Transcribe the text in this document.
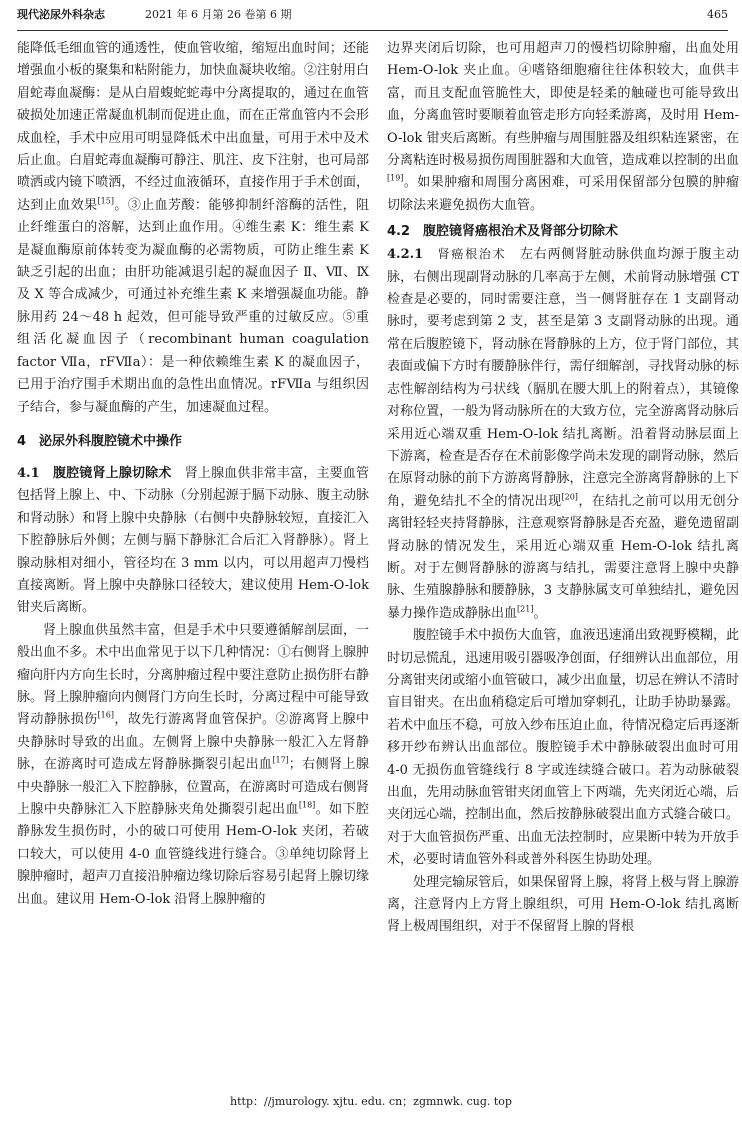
现代泌尿外科杂志	2021 年 6 月第 26 卷第 6 期	465

能降低毛细血管的通透性，使血管收缩，缩短出血时间；还能增强血小板的聚集和粘附能力，加快血凝块收缩。②注射用白眉蛇毒血凝酶：是从白眉蝮蛇蛇毒中分离提取的，通过在血管破损处加速正常凝血机制而促进止血，而在正常血管内不会形成血栓，手术中应用可明显降低术中出血量，可用于术中及术后止血。白眉蛇毒血凝酶可静注、肌注、皮下注射，也可局部喷洒或内镜下喷洒，不经过血液循环，直接作用于手术创面，达到止血效果[15]。③止血芳酸：能够抑制纤溶酶的活性，阻止纤维蛋白的溶解，达到止血作用。④维生素 K：维生素 K 是凝血酶原前体转变为凝血酶的必需物质，可防止维生素 K 缺乏引起的出血；由肝功能减退引起的凝血因子 Ⅱ、Ⅶ、Ⅸ 及 Ⅹ 等合成减少，可通过补充维生素 K 来增强凝血功能。静脉用药 24～48 h 起效，但可能导致严重的过敏反应。⑤重组活化凝血因子（recombinant human coagulation factor Ⅶa，rFⅦa）：是一种依赖维生素 K 的凝血因子，已用于治疗围手术期出血的急性出血情况。rFⅦa 与组织因子结合，参与凝血酶的产生，加速凝血过程。

4　泌尿外科腹腔镜术中操作

4.1　腹腔镜肾上腺切除术　 肾上腺血供非常丰富，主要血管包括肾上腺上、中、下动脉（分别起源于膈下动脉、腹主动脉和肾动脉）和肾上腺中央静脉（右侧中央静脉较短，直接汇入下腔静脉后外侧；左侧与膈下静脉汇合后汇入肾静脉）。肾上腺动脉相对细小，管径均在 3 mm 以内，可以用超声刀慢档直接离断。肾上腺中央静脉口径较大，建议使用 Hem-O-lok 钳夹后离断。

肾上腺血供虽然丰富，但是手术中只要遵循解剖层面，一般出血不多。术中出血常见于以下几种情况：①右侧肾上腺肿瘤向肝内方向生长时，分离肿瘤过程中要注意防止损伤肝右静脉。肾上腺肿瘤向内侧肾门方向生长时，分离过程中可能导致肾动静脉损伤[16]，故先行游离肾血管保护。②游离肾上腺中央静脉时导致的出血。左侧肾上腺中央静脉一般汇入左肾静脉，在游离时可造成左肾静脉撕裂引起出血[17]；右侧肾上腺中央静脉一般汇入下腔静脉，位置高，在游离时可造成右侧肾上腺中央静脉汇入下腔静脉夹角处撕裂引起出血[18]。如下腔静脉发生损伤时，小的破口可使用 Hem-O-lok 夹闭，若破口较大，可以使用 4-0 血管缝线进行缝合。③单纯切除肾上腺肿瘤时，超声刀直接沿肿瘤边缘切除后容易引起肾上腺切缘出血。建议用 Hem-O-lok 沿肾上腺肿瘤的

边界夹闭后切除，也可用超声刀的慢档切除肿瘤，出血处用 Hem-O-lok 夹止血。④嗜铬细胞瘤往往体积较大，血供丰富，而且支配血管脆性大，即使是轻柔的触碰也可能导致出血，分离血管时要顺着血管走形方向轻柔游离，及时用 Hem-O-lok 钳夹后离断。有些肿瘤与周围脏器及组织粘连紧密，在分离粘连时极易损伤周围脏器和大血管，造成难以控制的出血[19]。如果肿瘤和周围分离困难，可采用保留部分包膜的肿瘤切除法来避免损伤大血管。

4.2　腹腔镜肾癌根治术及肾部分切除术

4.2.1　 肾癌根治术　 左右两侧肾脏动脉供血均源于腹主动脉，右侧出现副肾动脉的几率高于左侧，术前肾动脉增强 CT 检查是必要的，同时需要注意，当一侧肾脏存在 1 支副肾动脉时，要考虑到第 2 支，甚至是第 3 支副肾动脉的出现。通常在后腹腔镜下，肾动脉在肾静脉的上方，位于肾门部位，其表面或偏下方时有腰静脉伴行，需仔细解剖，寻找肾动脉的标志性解剖结构为弓状线（膈肌在腰大肌上的附着点），其镜像对称位置，一般为肾动脉所在的大致方位，完全游离肾动脉后采用近心端双重 Hem-O-lok 结扎离断。沿着肾动脉层面上下游离，检查是否存在术前影像学尚未发现的副肾动脉，然后在原肾动脉的前下方游离肾静脉，注意完全游离肾静脉的上下角，避免结扎不全的情况出现[20]，在结扎之前可以用无创分离钳轻轻夹持肾静脉，注意观察肾静脉是否充盈，避免遗留副肾动脉的情况发生，采用近心端双重 Hem-O-lok 结扎离断。对于左侧肾静脉的游离与结扎，需要注意肾上腺中央静脉、生殖腺静脉和腰静脉，3 支静脉属支可单独结扎，避免因暴力操作造成静脉出血[21]。

腹腔镜手术中损伤大血管，血液迅速涌出致视野模糊，此时切忌慌乱，迅速用吸引器吸净创面，仔细辨认出血部位，用分离钳夹闭或缩小血管破口，减少出血量，切忌在辨认不清时盲目钳夹。在出血稍稳定后可增加穿刺孔，让助手协助暴露。若术中血压不稳，可放入纱布压迫止血，待情况稳定后再逐渐移开纱布辨认出血部位。腹腔镜手术中静脉破裂出血时可用 4-0 无损伤血管缝线行 8 字或连续缝合破口。若为动脉破裂出血，先用动脉血管钳夹闭血管上下两端，先夹闭近心端，后夹闭远心端，控制出血，然后按静脉破裂出血方式缝合破口。对于大血管损伤严重、出血无法控制时，应果断中转为开放手术，必要时请血管外科或普外科医生协助处理。

处理完输尿管后，如果保留肾上腺，将肾上极与肾上腺游离，注意肾内上方肾上腺组织，可用 Hem-O-lok 结扎离断肾上极周围组织，对于不保留肾上腺的肾根

http：//jmurology. xjtu. edu. cn；zgmnwk. cug. top
